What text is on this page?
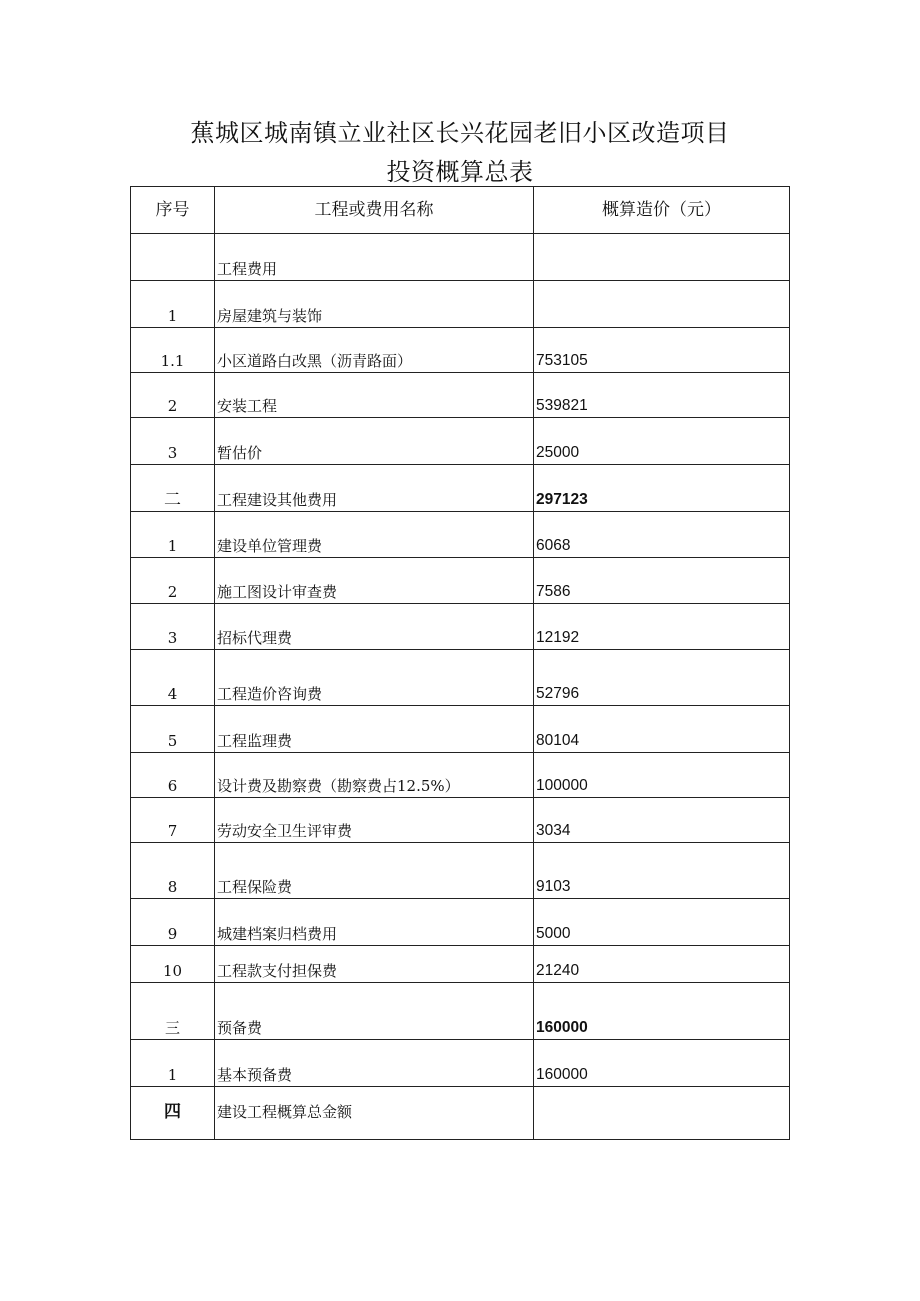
蕉城区城南镇立业社区长兴花园老旧小区改造项目
投资概算总表
序号	工程或费用名称	概算造价（元）
	工程费用	
1	房屋建筑与装饰	
1.1	小区道路白改黑（沥青路面）	753105
2	安装工程	539821
3	暂估价	25000
二	工程建设其他费用	297123
1	建设单位管理费	6068
2	施工图设计审查费	7586
3	招标代理费	12192
4	工程造价咨询费	52796
5	工程监理费	80104
6	设计费及勘察费（勘察费占12.5%）	100000
7	劳动安全卫生评审费	3034
8	工程保险费	9103
9	城建档案归档费用	5000
10	工程款支付担保费	21240
三	预备费	160000
1	基本预备费	160000
四	建设工程概算总金额	
